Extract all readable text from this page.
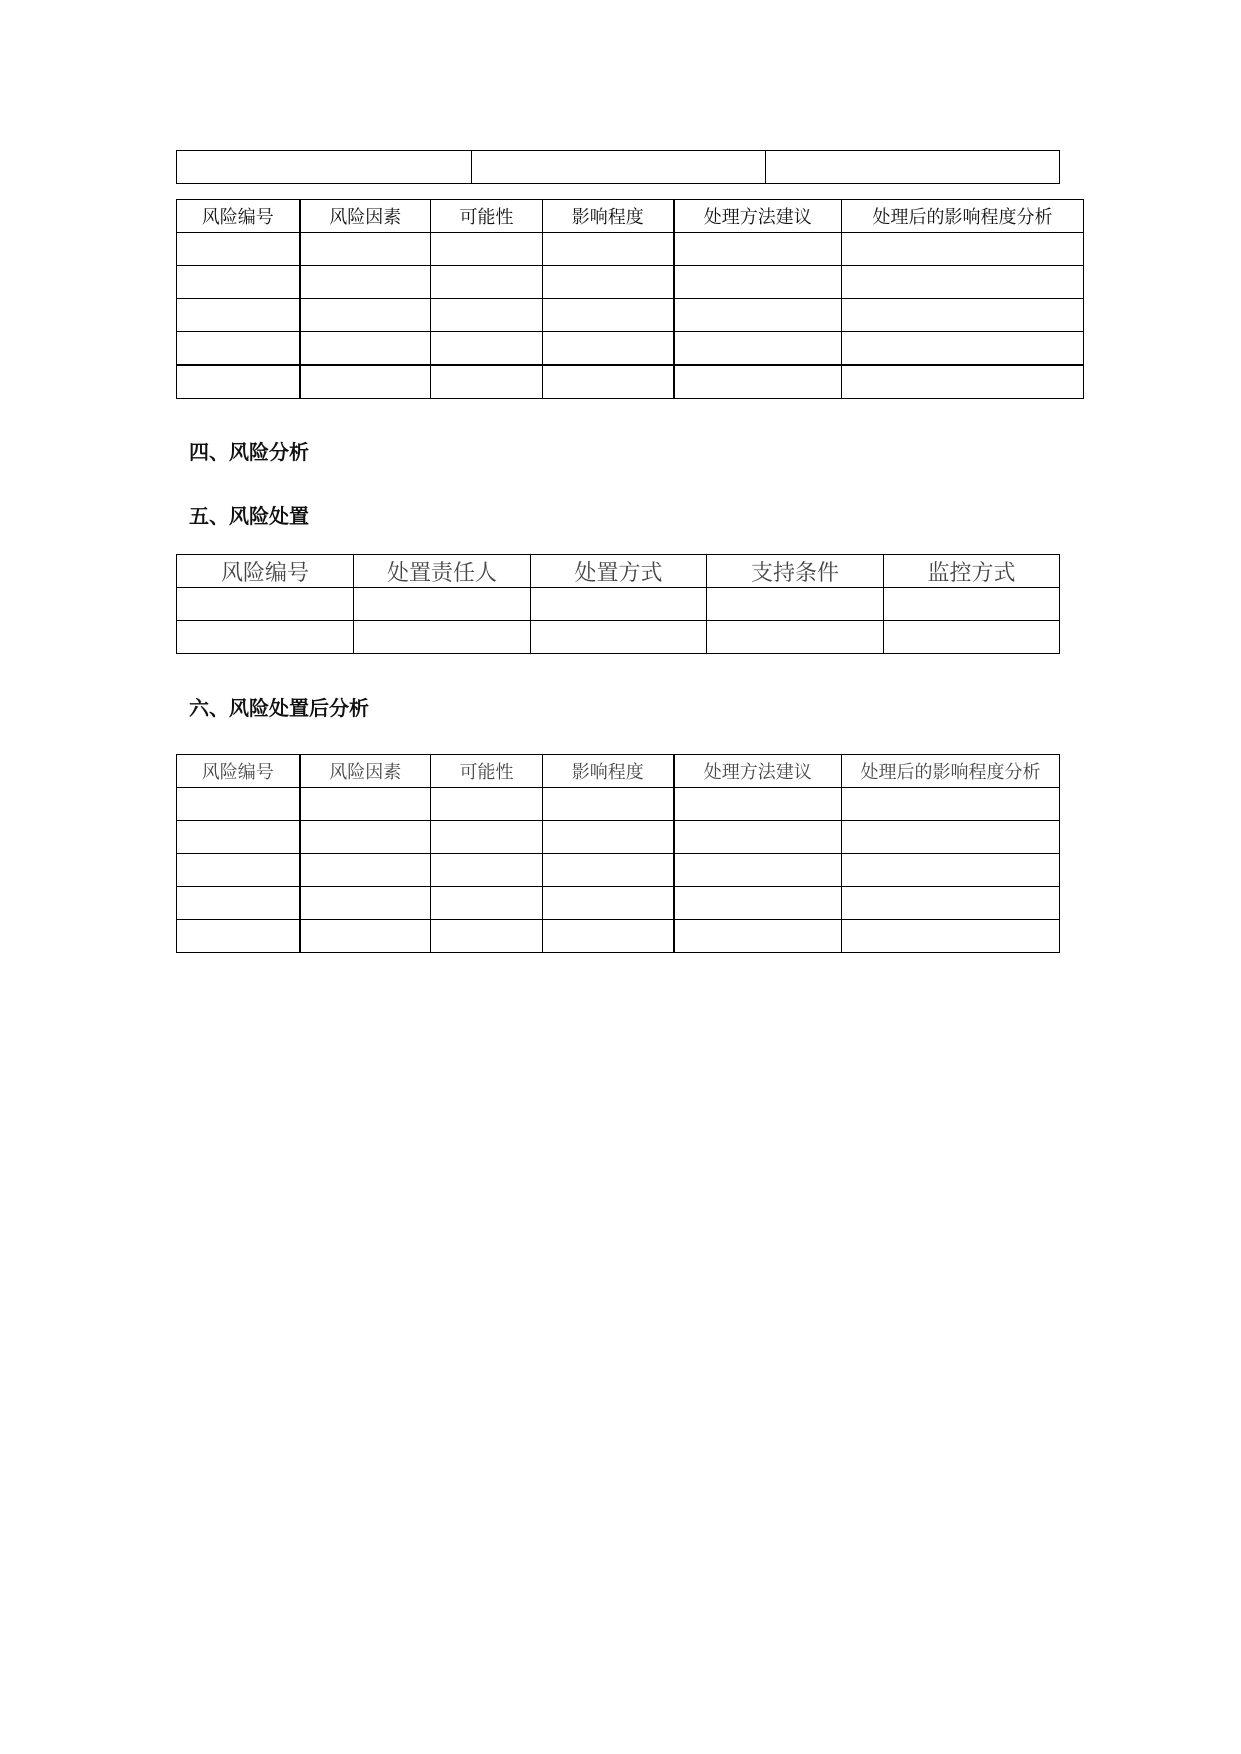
风险编号	风险因素	可能性	影响程度	处理方法建议	处理后的影响程度分析

四、风险分析
五、风险处置
风险编号	处置责任人	处置方式	支持条件	监控方式

六、风险处置后分析
风险编号	风险因素	可能性	影响程度	处理方法建议	处理后的影响程度分析
